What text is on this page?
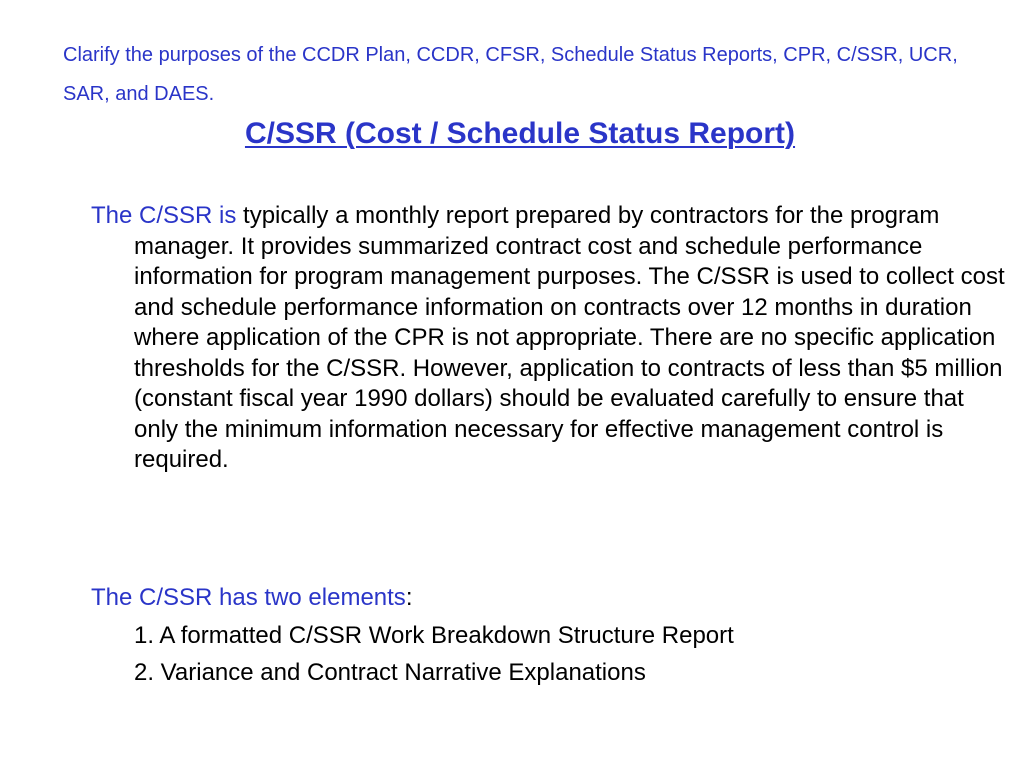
Clarify the purposes of the CCDR Plan, CCDR, CFSR, Schedule Status Reports, CPR, C/SSR, UCR, SAR, and DAES.

C/SSR (Cost / Schedule Status Report)

The C/SSR is typically a monthly report prepared by contractors for the program manager. It provides summarized contract cost and schedule performance information for program management purposes. The C/SSR is used to collect cost and schedule performance information on contracts over 12 months in duration where application of the CPR is not appropriate. There are no specific application thresholds for the C/SSR. However, application to contracts of less than $5 million (constant fiscal year 1990 dollars) should be evaluated carefully to ensure that only the minimum information necessary for effective management control is required.

The C/SSR has two elements:

1. A formatted C/SSR Work Breakdown Structure Report

2. Variance and Contract Narrative Explanations
